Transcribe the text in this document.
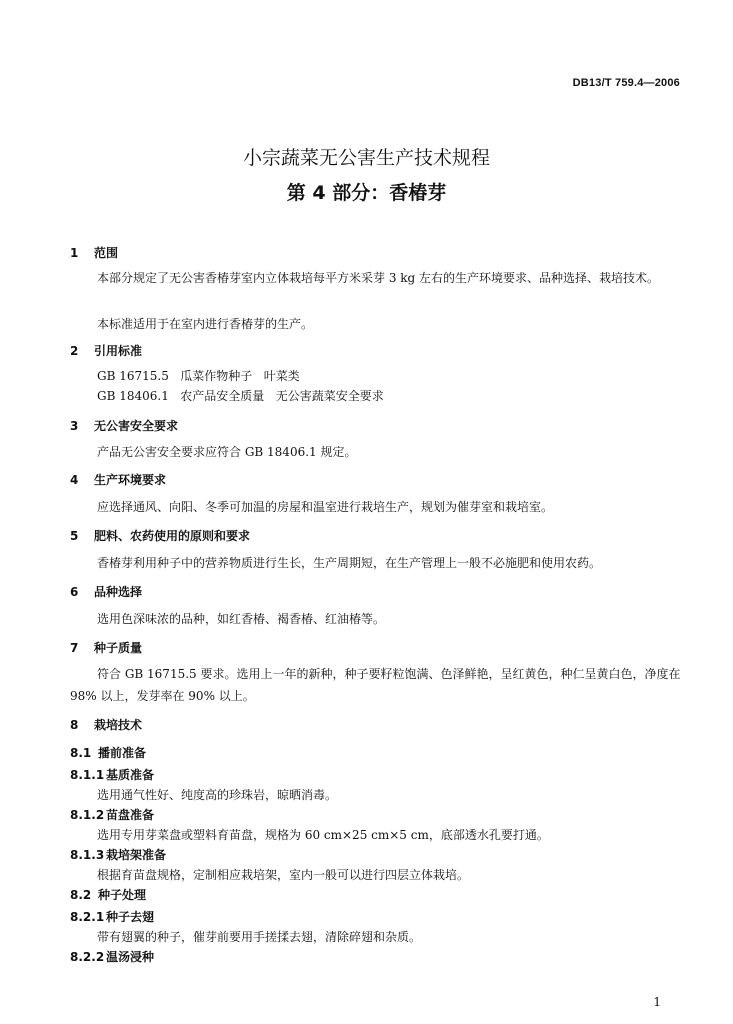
DB13/T 759.4—2006
小宗蔬菜无公害生产技术规程
第 4 部分：香椿芽
1 范围
本部分规定了无公害香椿芽室内立体栽培每平方米采芽 3 kg 左右的生产环境要求、品种选择、栽培技术。
本标准适用于在室内进行香椿芽的生产。
2 引用标准
GB 16715.5   瓜菜作物种子   叶菜类
GB 18406.1   农产品安全质量   无公害蔬菜安全要求
3 无公害安全要求
产品无公害安全要求应符合 GB 18406.1 规定。
4 生产环境要求
应选择通风、向阳、冬季可加温的房屋和温室进行栽培生产，规划为催芽室和栽培室。
5 肥料、农药使用的原则和要求
香椿芽利用种子中的营养物质进行生长，生产周期短，在生产管理上一般不必施肥和使用农药。
6 品种选择
选用色深味浓的品种，如红香椿、褐香椿、红油椿等。
7 种子质量
符合 GB 16715.5 要求。选用上一年的新种，种子要籽粒饱满、色泽鲜艳，呈红黄色，种仁呈黄白色，净度在 98% 以上，发芽率在 90% 以上。
8 栽培技术
8.1 播前准备
8.1.1 基质准备
选用通气性好、纯度高的珍珠岩，晾晒消毒。
8.1.2 苗盘准备
选用专用芽菜盘或塑料育苗盘，规格为 60 cm×25 cm×5 cm，底部透水孔要打通。
8.1.3 栽培架准备
根据育苗盘规格，定制相应栽培架，室内一般可以进行四层立体栽培。
8.2 种子处理
8.2.1 种子去翅
带有翅翼的种子，催芽前要用手搓揉去翅，清除碎翅和杂质。
8.2.2 温汤浸种
1
